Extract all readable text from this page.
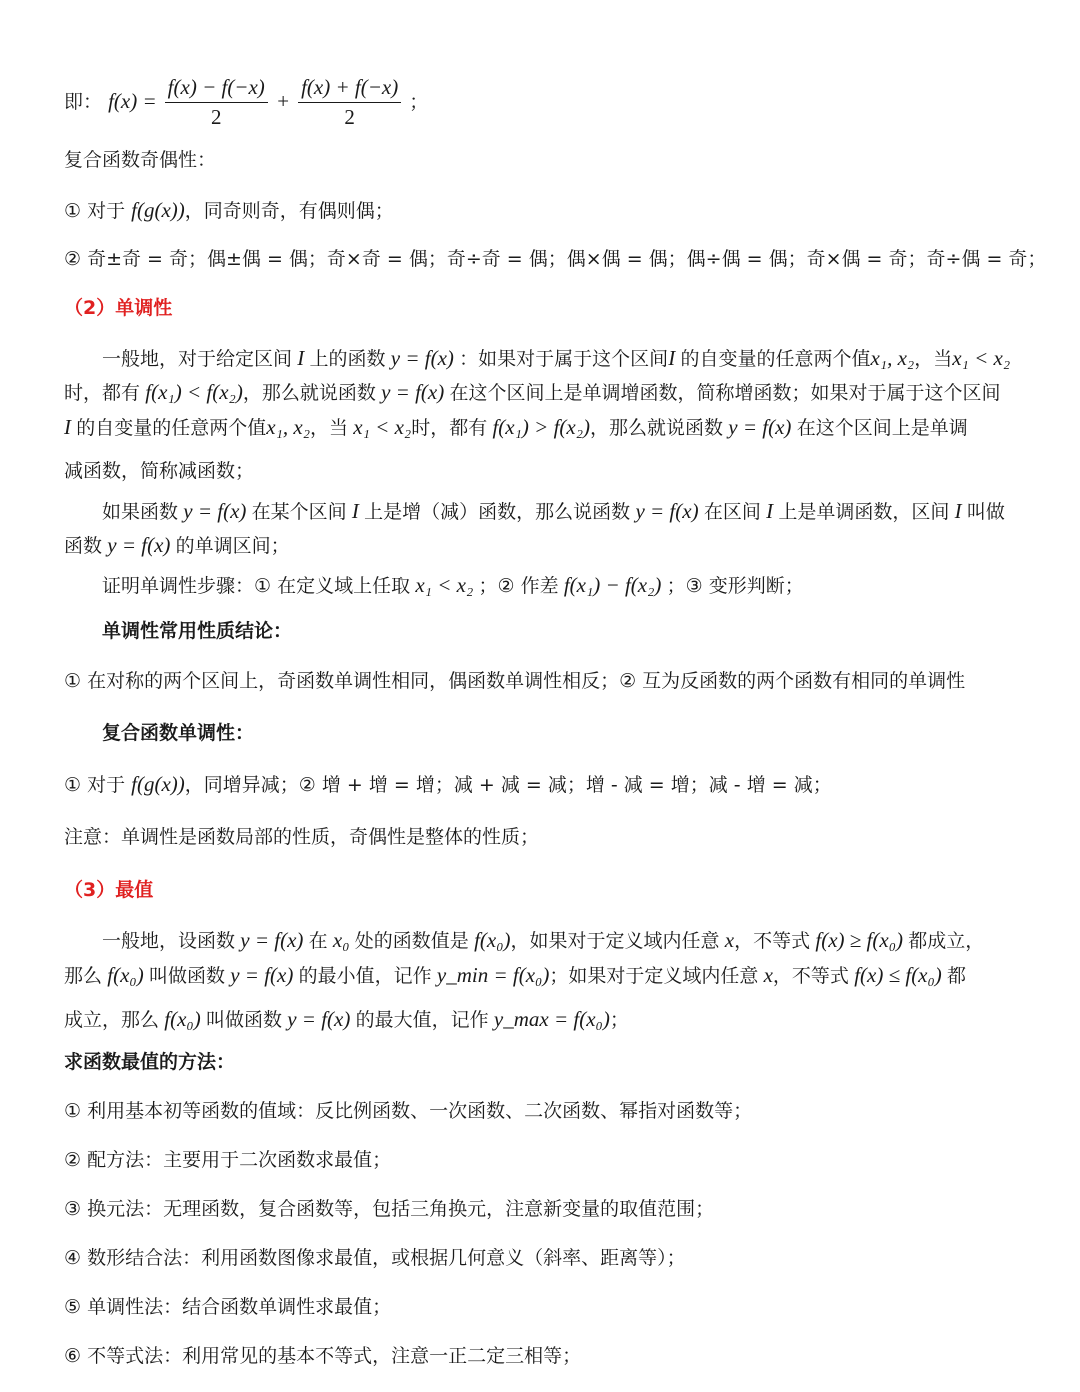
即： $f(x) = \frac{f(x) - f(-x)}{2} + \frac{f(x) + f(-x)}{2}$ ；
复合函数奇偶性：
① 对于 f(g(x))，同奇则奇，有偶则偶；
② 奇±奇 = 奇；偶±偶 = 偶；奇×奇 = 偶；奇÷奇 = 偶；偶×偶 = 偶；偶÷偶 = 偶；奇×偶 = 奇；奇÷偶 = 奇；
（2）单调性
一般地，对于给定区间 I 上的函数 y = f(x) ：如果对于属于这个区间I 的自变量的任意两个值x₁, x₂，当x₁ < x₂
时，都有 f(x₁) < f(x₂)，那么就说函数 y = f(x) 在这个区间上是单调增函数，简称增函数；如果对于属于这个区间
I 的自变量的任意两个值x₁, x₂，当 x₁ < x₂时，都有 f(x₁) > f(x₂)，那么就说函数 y = f(x) 在这个区间上是单调
减函数，简称减函数；
如果函数 y = f(x) 在某个区间 I 上是增（减）函数，那么说函数 y = f(x) 在区间 I 上是单调函数，区间 I 叫做
函数 y = f(x) 的单调区间；
证明单调性步骤：① 在定义域上任取 x₁ < x₂ ；② 作差 f(x₁) − f(x₂) ；③ 变形判断；
单调性常用性质结论：
① 在对称的两个区间上，奇函数单调性相同，偶函数单调性相反；② 互为反函数的两个函数有相同的单调性
复合函数单调性：
① 对于 f(g(x))，同增异减；② 增 + 增 = 增；减 + 减 = 减；增 - 减 = 增；减 - 增 = 减；
注意：单调性是函数局部的性质，奇偶性是整体的性质；
（3）最值
一般地，设函数 y = f(x) 在 x₀ 处的函数值是 f(x₀)，如果对于定义域内任意 x，不等式 f(x) ≥ f(x₀) 都成立，
那么 f(x₀) 叫做函数 y = f(x) 的最小值，记作 y_min = f(x₀)；如果对于定义域内任意 x，不等式 f(x) ≤ f(x₀) 都
成立，那么 f(x₀) 叫做函数 y = f(x) 的最大值，记作 y_max = f(x₀)；
求函数最值的方法：
① 利用基本初等函数的值域：反比例函数、一次函数、二次函数、幂指对函数等；
② 配方法：主要用于二次函数求最值；
③ 换元法：无理函数，复合函数等，包括三角换元，注意新变量的取值范围；
④ 数形结合法：利用函数图像求最值，或根据几何意义（斜率、距离等）；
⑤ 单调性法：结合函数单调性求最值；
⑥ 不等式法：利用常见的基本不等式，注意一正二定三相等；
